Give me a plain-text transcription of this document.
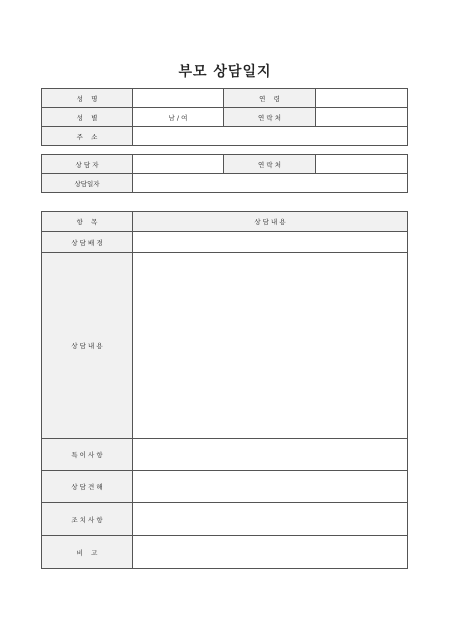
부모 상담일지
성    명		연    령	
성    별	남 / 여	연 락 처	
주    소			
상 담 자		연 락 처	
상담일자			
항    목	상 담 내 용
상 담 배 경	
상 담 내 용	
특 이 사 항	
상 담 견 해	
조 치 사 항	
비    고	
